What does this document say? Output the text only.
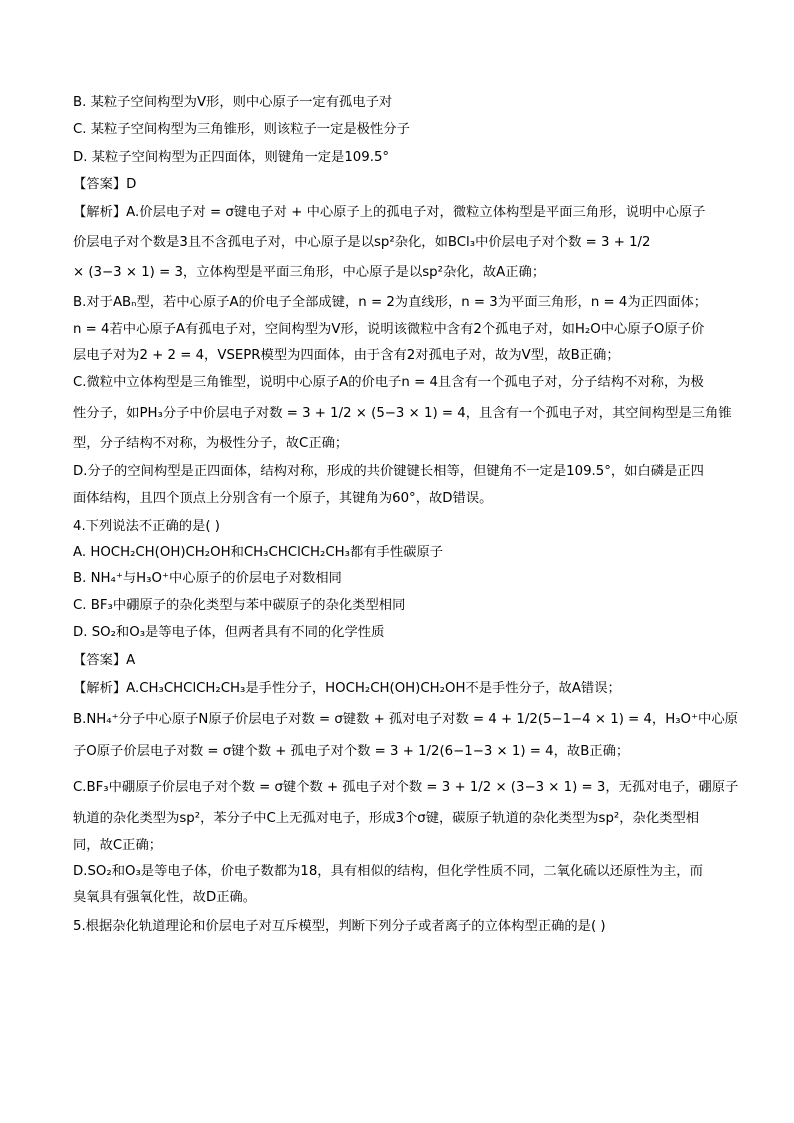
B. 某粒子空间构型为V形，则中心原子一定有孤电子对
C. 某粒子空间构型为三角锥形，则该粒子一定是极性分子
D. 某粒子空间构型为正四面体，则键角一定是109.5°
【答案】D
【解析】A.价层电子对 = σ键电子对 + 中心原子上的孤电子对，微粒立体构型是平面三角形，说明中心原子
价层电子对个数是3且不含孤电子对，中心原子是以sp²杂化，如BCl₃中价层电子对个数 = 3 + 1/2
× (3−3 × 1) = 3，立体构型是平面三角形，中心原子是以sp²杂化，故A正确；
B.对于ABₙ型，若中心原子A的价电子全部成键，n = 2为直线形，n = 3为平面三角形，n = 4为正四面体；
n = 4若中心原子A有孤电子对，空间构型为V形，说明该微粒中含有2个孤电子对，如H₂O中心原子O原子价
层电子对为2 + 2 = 4，VSEPR模型为四面体，由于含有2对孤电子对，故为V型，故B正确；
C.微粒中立体构型是三角锥型，说明中心原子A的价电子n = 4且含有一个孤电子对，分子结构不对称，为极
性分子，如PH₃分子中价层电子对数 = 3 + 1/2 × (5−3 × 1) = 4，且含有一个孤电子对，其空间构型是三角锥
型，分子结构不对称，为极性分子，故C正确；
D.分子的空间构型是正四面体，结构对称，形成的共价键键长相等，但键角不一定是109.5°，如白磷是正四
面体结构，且四个顶点上分别含有一个原子，其键角为60°，故D错误。
4.下列说法不正确的是( )
A. HOCH₂CH(OH)CH₂OH和CH₃CHClCH₂CH₃都有手性碳原子
B. NH₄⁺与H₃O⁺中心原子的价层电子对数相同
C. BF₃中硼原子的杂化类型与苯中碳原子的杂化类型相同
D. SO₂和O₃是等电子体，但两者具有不同的化学性质
【答案】A
【解析】A.CH₃CHClCH₂CH₃是手性分子，HOCH₂CH(OH)CH₂OH不是手性分子，故A错误；
B.NH₄⁺分子中心原子N原子价层电子对数 = σ键数 + 孤对电子对数 = 4 + 1/2(5−1−4 × 1) = 4，H₃O⁺中心原
子O原子价层电子对数 = σ键个数 + 孤电子对个数 = 3 + 1/2(6−1−3 × 1) = 4，故B正确；
C.BF₃中硼原子价层电子对个数 = σ键个数 + 孤电子对个数 = 3 + 1/2 × (3−3 × 1) = 3，无孤对电子，硼原子
轨道的杂化类型为sp²，苯分子中C上无孤对电子，形成3个σ键，碳原子轨道的杂化类型为sp²，杂化类型相
同，故C正确；
D.SO₂和O₃是等电子体，价电子数都为18，具有相似的结构，但化学性质不同，二氧化硫以还原性为主，而
臭氧具有强氧化性，故D正确。
5.根据杂化轨道理论和价层电子对互斥模型，判断下列分子或者离子的立体构型正确的是( )
